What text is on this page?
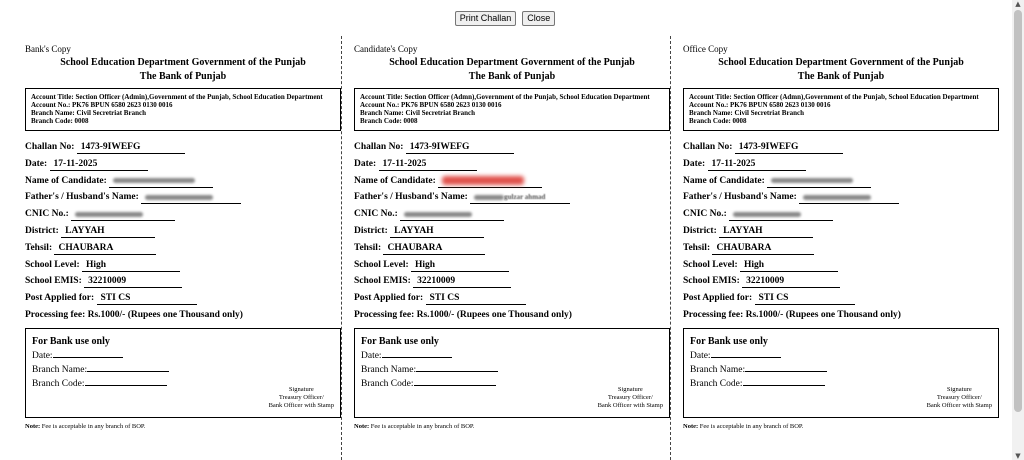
Print Challan Close
Bank's Copy
School Education Department Government of the Punjab
The Bank of Punjab
Account Title: Section Officer (Admin),Government of the Punjab, School Education Department
Account No.: PK76 BPUN 6580 2623 0130 0016
Branch Name: Civil Secretriat Branch
Branch Code: 0008
Challan No: 1473-9IWEFG
Date: 17-11-2025
Name of Candidate:
Father's / Husband's Name:
CNIC No.:
District: LAYYAH
Tehsil: CHAUBARA
School Level: High
School EMIS: 32210009
Post Applied for: STI CS
Processing fee: Rs.1000/- (Rupees one Thousand only)
For Bank use only
Date:
Branch Name:
Branch Code:
Signature
Treasury Officer/
Bank Officer with Stamp
Note: Fee is acceptable in any branch of BOP.
Candidate's Copy
School Education Department Government of the Punjab
The Bank of Punjab
Account Title: Section Officer (Admn),Government of the Punjab, School Education Department
Account No.: PK76 BPUN 6580 2623 0130 0016
Branch Name: Civil Secretriat Branch
Branch Code: 0008
Challan No: 1473-9IWEFG
Date: 17-11-2025
Name of Candidate:
Father's / Husband's Name:	gulzar ahmad
CNIC No.:
District: LAYYAH
Tehsil: CHAUBARA
School Level: High
School EMIS: 32210009
Post Applied for: STI CS
Processing fee: Rs.1000/- (Rupees one Thousand only)
For Bank use only
Date:
Branch Name:
Branch Code:
Signature
Treasury Officer/
Bank Officer with Stamp
Note: Fee is acceptable in any branch of BOP.
Office Copy
School Education Department Government of the Punjab
The Bank of Punjab
Account Title: Section Officer (Admn),Government of the Punjab, School Education Department
Account No.: PK76 BPUN 6580 2623 0130 0016
Branch Name: Civil Secretriat Branch
Branch Code: 0008
Challan No: 1473-9IWEFG
Date: 17-11-2025
Name of Candidate:
Father's / Husband's Name:
CNIC No.:
District: LAYYAH
Tehsil: CHAUBARA
School Level: High
School EMIS: 32210009
Post Applied for: STI CS
Processing fee: Rs.1000/- (Rupees one Thousand only)
For Bank use only
Date:
Branch Name:
Branch Code:
Signature
Treasury Officer/
Bank Officer with Stamp
Note: Fee is acceptable in any branch of BOP.
▲
▼
